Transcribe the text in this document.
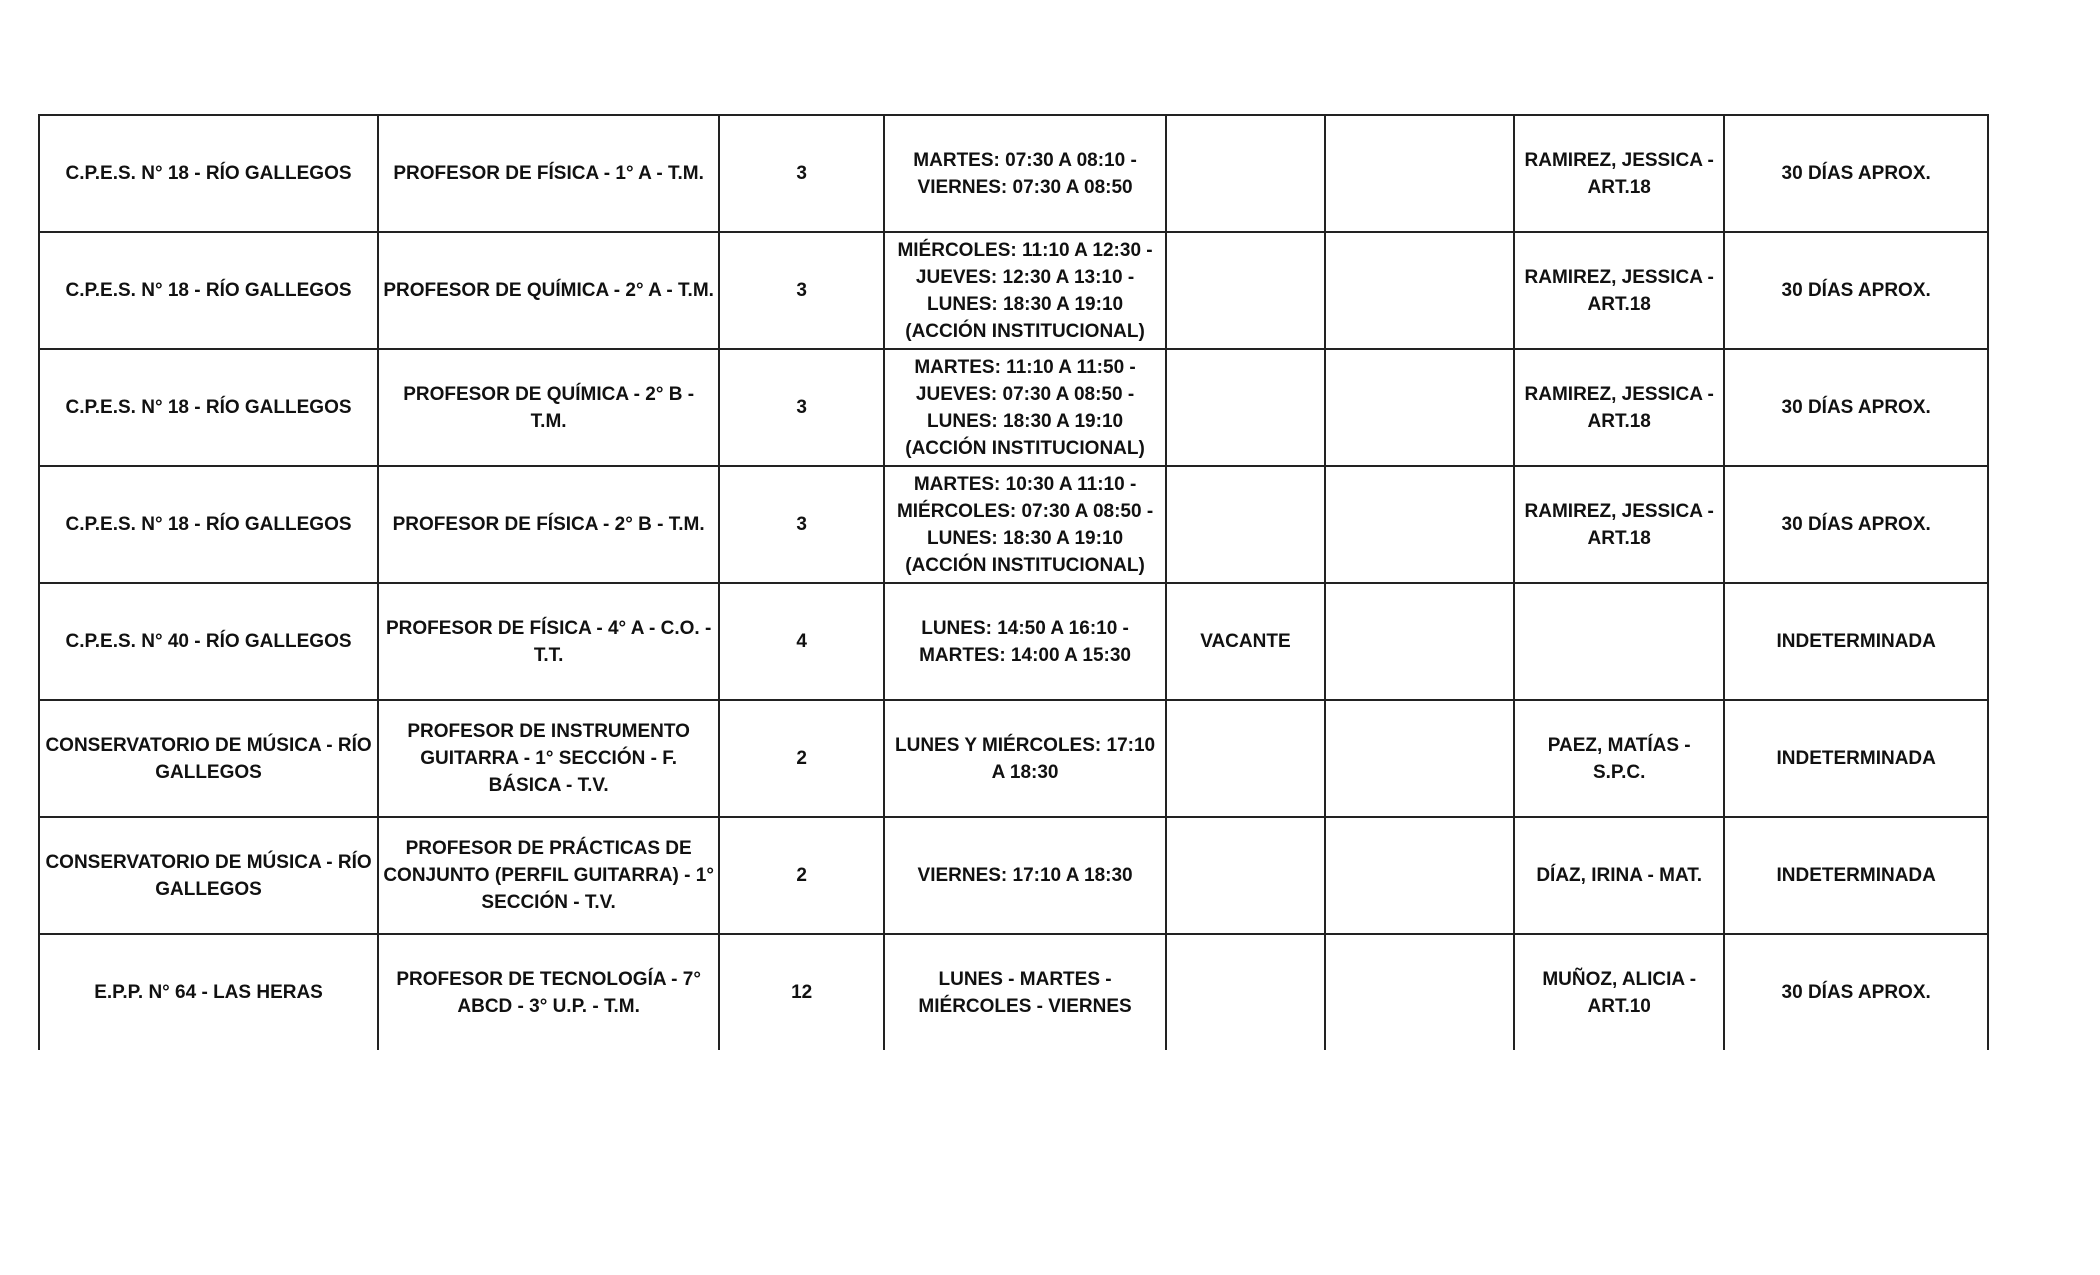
C.P.E.S. N° 18 - RÍO GALLEGOS	PROFESOR DE FÍSICA - 1° A - T.M.	3	MARTES: 07:30 A 08:10 - VIERNES: 07:30 A 08:50			RAMIREZ, JESSICA - ART.18	30 DÍAS APROX.
C.P.E.S. N° 18 - RÍO GALLEGOS	PROFESOR DE QUÍMICA - 2° A - T.M.	3	MIÉRCOLES: 11:10 A 12:30 - JUEVES: 12:30 A 13:10 - LUNES: 18:30 A 19:10 (ACCIÓN INSTITUCIONAL)			RAMIREZ, JESSICA - ART.18	30 DÍAS APROX.
C.P.E.S. N° 18 - RÍO GALLEGOS	PROFESOR DE QUÍMICA - 2° B - T.M.	3	MARTES: 11:10 A 11:50 - JUEVES: 07:30 A 08:50 - LUNES: 18:30 A 19:10 (ACCIÓN INSTITUCIONAL)			RAMIREZ, JESSICA - ART.18	30 DÍAS APROX.
C.P.E.S. N° 18 - RÍO GALLEGOS	PROFESOR DE FÍSICA - 2° B - T.M.	3	MARTES: 10:30 A 11:10 - MIÉRCOLES: 07:30 A 08:50 - LUNES: 18:30 A 19:10 (ACCIÓN INSTITUCIONAL)			RAMIREZ, JESSICA - ART.18	30 DÍAS APROX.
C.P.E.S. N° 40 - RÍO GALLEGOS	PROFESOR DE FÍSICA - 4° A - C.O. - T.T.	4	LUNES: 14:50 A 16:10 - MARTES: 14:00 A 15:30	VACANTE			INDETERMINADA
CONSERVATORIO DE MÚSICA - RÍO GALLEGOS	PROFESOR DE INSTRUMENTO GUITARRA - 1° SECCIÓN - F. BÁSICA - T.V.	2	LUNES Y MIÉRCOLES: 17:10 A 18:30			PAEZ, MATÍAS - S.P.C.	INDETERMINADA
CONSERVATORIO DE MÚSICA - RÍO GALLEGOS	PROFESOR DE PRÁCTICAS DE CONJUNTO (PERFIL GUITARRA) - 1° SECCIÓN - T.V.	2	VIERNES: 17:10 A 18:30			DÍAZ, IRINA - MAT.	INDETERMINADA
E.P.P. N° 64 - LAS HERAS	PROFESOR DE TECNOLOGÍA - 7° ABCD - 3° U.P. - T.M.	12	LUNES - MARTES - MIÉRCOLES - VIERNES			MUÑOZ, ALICIA - ART.10	30 DÍAS APROX.
